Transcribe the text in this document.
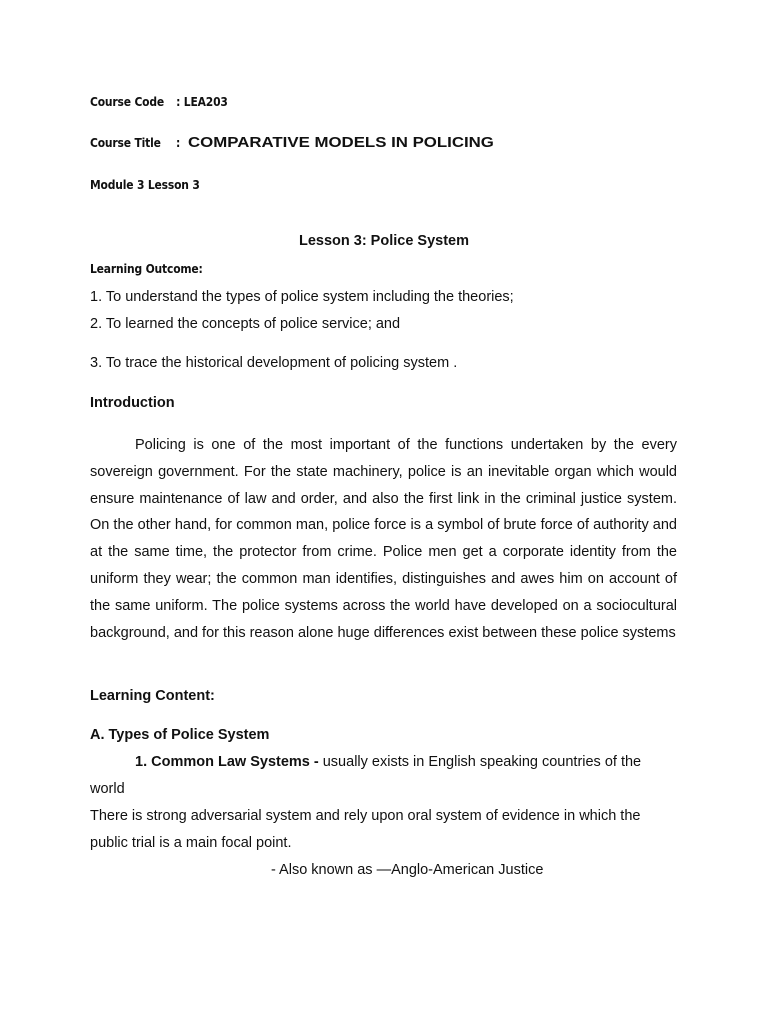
Course Code : LEA203
Course Title : COMPARATIVE MODELS IN POLICING
Module 3 Lesson 3
Lesson 3: Police System
Learning Outcome:
1. To understand the types of police system including the theories;
2. To learned the concepts of police service; and
3. To trace the historical development of policing system .
Introduction

Policing is one of the most important of the functions undertaken by the every sovereign government. For the state machinery, police is an inevitable organ which would ensure maintenance of law and order, and also the first link in the criminal justice system. On the other hand, for common man, police force is a symbol of brute force of authority and at the same time, the protector from crime. Police men get a corporate identity from the uniform they wear; the common man identifies, distinguishes and awes him on account of the same uniform. The police systems across the world have developed on a sociocultural background, and for this reason alone huge differences exist between these police systems

Learning Content:
A. Types of Police System
1. Common Law Systems - usually exists in English speaking countries of the
world
There is strong adversarial system and rely upon oral system of evidence in which the
public trial is a main focal point.
- Also known as —Anglo-American Justice
